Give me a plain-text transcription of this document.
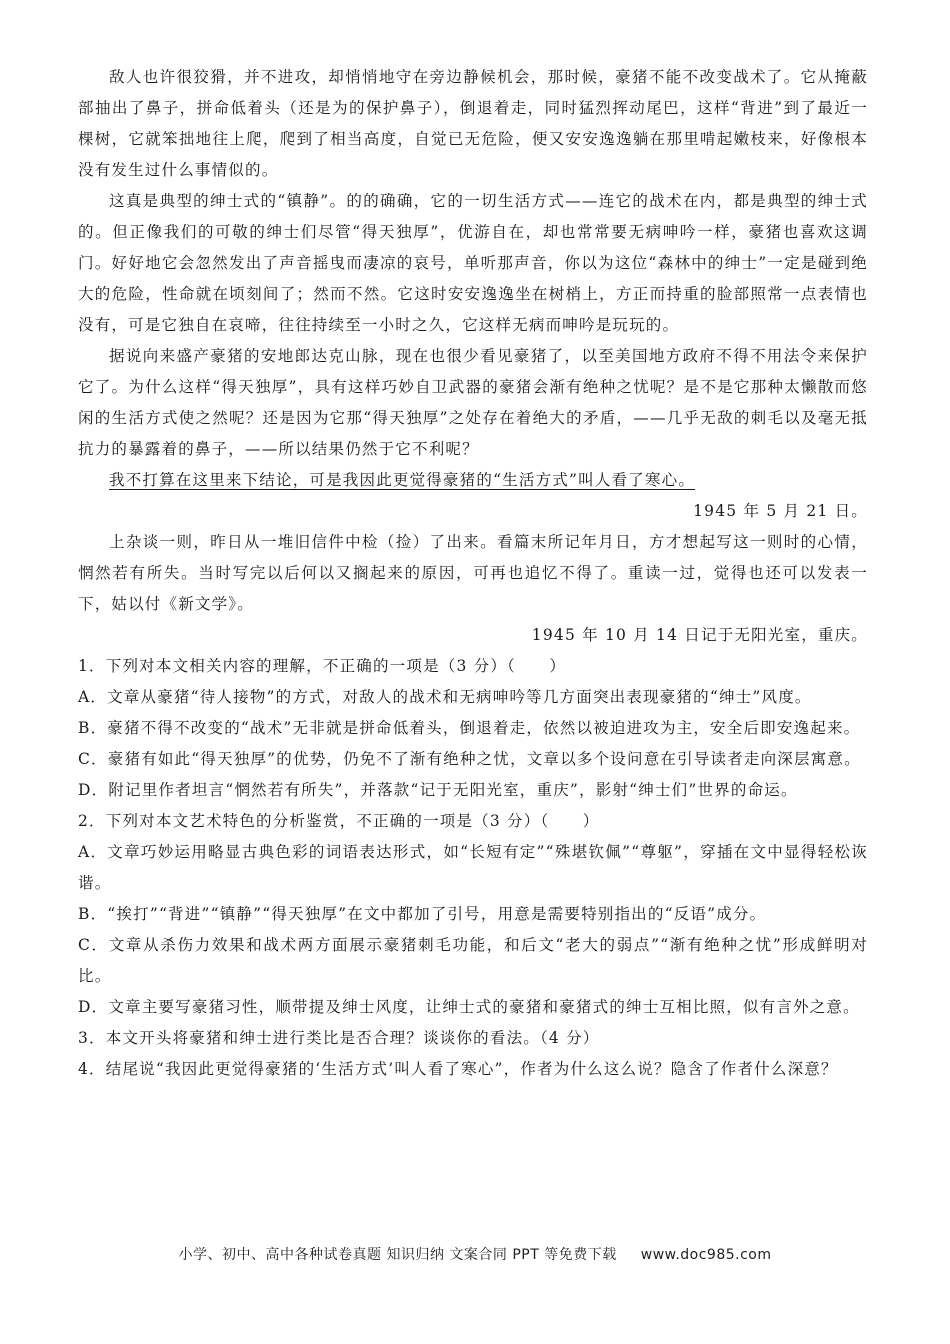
敌人也许很狡猾，并不进攻，却悄悄地守在旁边静候机会，那时候，豪猪不能不改变战术了。它从掩蔽部抽出了鼻子，拼命低着头（还是为的保护鼻子），倒退着走，同时猛烈挥动尾巴，这样“背进”到了最近一棵树，它就笨拙地往上爬，爬到了相当高度，自觉已无危险，便又安安逸逸躺在那里啃起嫩枝来，好像根本没有发生过什么事情似的。

这真是典型的绅士式的“镇静”。的的确确，它的一切生活方式——连它的战术在内，都是典型的绅士式的。但正像我们的可敬的绅士们尽管“得天独厚”，优游自在，却也常常要无病呻吟一样，豪猪也喜欢这调门。好好地它会忽然发出了声音摇曳而凄凉的哀号，单听那声音，你以为这位“森林中的绅士”一定是碰到绝大的危险，性命就在顷刻间了；然而不然。它这时安安逸逸坐在树梢上，方正而持重的脸部照常一点表情也没有，可是它独自在哀啼，往往持续至一小时之久，它这样无病而呻吟是玩玩的。

据说向来盛产豪猪的安地郎达克山脉，现在也很少看见豪猪了，以至美国地方政府不得不用法令来保护它了。为什么这样“得天独厚”，具有这样巧妙自卫武器的豪猪会渐有绝种之忧呢？是不是它那种太懒散而悠闲的生活方式使之然呢？还是因为它那“得天独厚”之处存在着绝大的矛盾，——几乎无敌的刺毛以及毫无抵抗力的暴露着的鼻子，——所以结果仍然于它不利呢？

我不打算在这里来下结论，可是我因此更觉得豪猪的“生活方式”叫人看了寒心。

1945 年 5 月 21 日。

上杂谈一则，昨日从一堆旧信件中检（捡）了出来。看篇末所记年月日，方才想起写这一则时的心情，惘然若有所失。当时写完以后何以又搁起来的原因，可再也追忆不得了。重读一过，觉得也还可以发表一下，姑以付《新文学》。

1945 年 10 月 14 日记于无阳光室，重庆。

1．下列对本文相关内容的理解，不正确的一项是（3 分）（　　）

A．文章从豪猪“待人接物”的方式，对敌人的战术和无病呻吟等几方面突出表现豪猪的“绅士”风度。

B．豪猪不得不改变的“战术”无非就是拼命低着头，倒退着走，依然以被迫进攻为主，安全后即安逸起来。

C．豪猪有如此“得天独厚”的优势，仍免不了渐有绝种之忧，文章以多个设问意在引导读者走向深层寓意。

D．附记里作者坦言“惘然若有所失”，并落款“记于无阳光室，重庆”，影射“绅士们”世界的命运。

2．下列对本文艺术特色的分析鉴赏，不正确的一项是（3 分）（　　）

A．文章巧妙运用略显古典色彩的词语表达形式，如“长短有定”“殊堪钦佩”“尊躯”，穿插在文中显得轻松诙谐。

B．“挨打”“背进”“镇静”“得天独厚”在文中都加了引号，用意是需要特别指出的“反语”成分。

C．文章从杀伤力效果和战术两方面展示豪猪刺毛功能，和后文“老大的弱点”“渐有绝种之忧”形成鲜明对比。

D．文章主要写豪猪习性，顺带提及绅士风度，让绅士式的豪猪和豪猪式的绅士互相比照，似有言外之意。

3．本文开头将豪猪和绅士进行类比是否合理？谈谈你的看法。（4 分）

4．结尾说“我因此更觉得豪猪的‘生活方式’叫人看了寒心”，作者为什么这么说？隐含了作者什么深意？

小学、初中、高中各种试卷真题 知识归纳 文案合同 PPT 等免费下载 www.doc985.com
